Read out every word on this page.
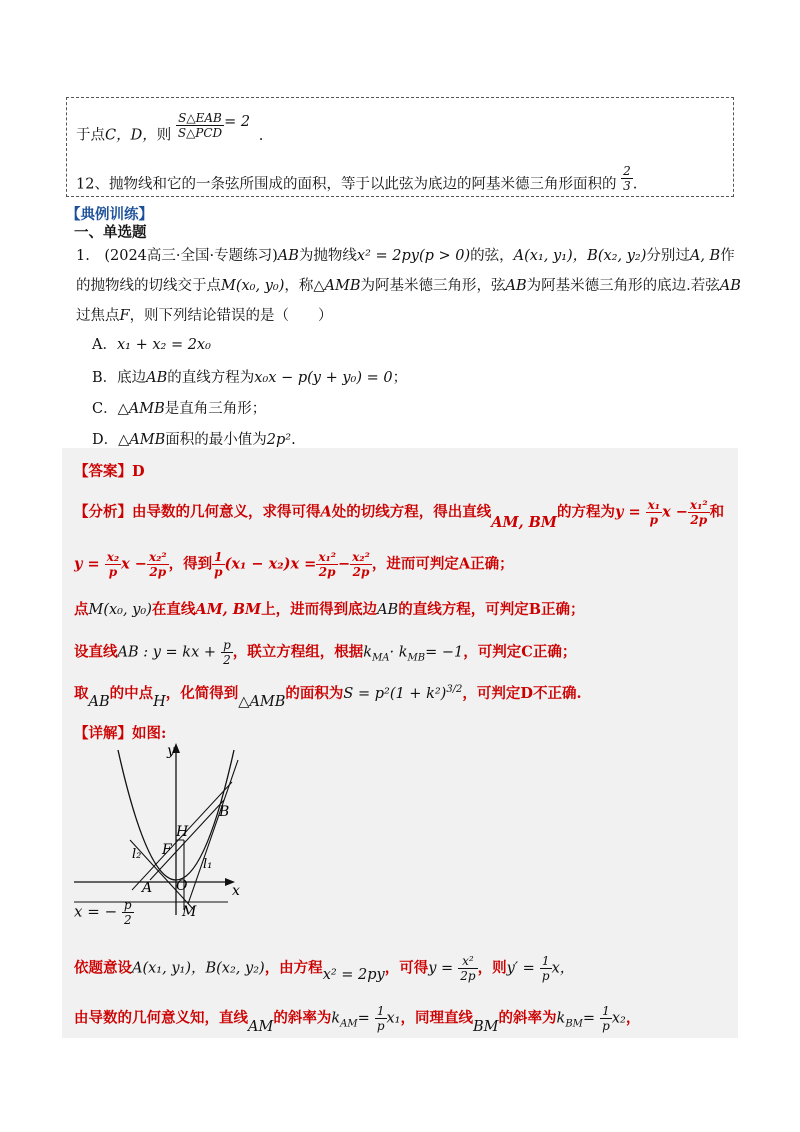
于点C，D，则 $\frac{\text{S△EAB}}{\text{S△PCD}} = 2$ .
12、抛物线和它的一条弦所围成的面积，等于以此弦为底边的阿基米德三角形面积的 $\frac{2}{3}$ .
【典例训练】
一、单选题
1.　(2024高三·全国·专题练习)AB为抛物线x² = 2py(p > 0)的弦，A(x₁, y₁)，B(x₂, y₂)分别过A, B作
的抛物线的切线交于点M(x₀, y₀)，称△AMB为阿基米德三角形，弦AB为阿基米德三角形的底边.若弦AB
过焦点F，则下列结论错误的是（　　）
A．x₁ + x₂ = 2x₀
B．底边AB的直线方程为x₀x − p(y + y₀) = 0；
C．△AMB是直角三角形；
D．△AMB面积的最小值为2p².
【答案】D
【分析】由导数的几何意义，求得可得A处的切线方程，得出直线AM, BM的方程为$y = \frac{\text{x₁}}{p}$ $x - \frac{\text{x₁²}}{2p}$ 和
$y = \frac{\text{x₂}}{p}$ $x - \frac{\text{x₂²}}{2p}$ ，得到 $\frac{1}{p} (x_1 - x_2)x = \frac{\text{x₁²}}{2p} - \frac{\text{x₂²}}{2p}$ ，进而可判定A正确；
点M(x₀, y₀)在直线AM, BM上，进而得到底边AB的直线方程，可判定B正确；
设直线AB : y = kx + $\frac{p}{2}$ ，联立方程组，根据$k_{MA}\cdot k_{MB}= -1$，可判定C正确；
取AB的中点H，化简得到△AMB的面积为$S = p^2(1 + k^2)^{3/2}$，可判定D不正确.
【详解】如图:
y
x
B
H
F
l₂
l₁
A O
M
x = − $\frac{p}{2}$
依题意设A(x₁, y₁)，B(x₂, y₂)，由方程x² = 2py，可得$y = \frac{\text{x²}}{2p}$ ，则$y' = \frac{1}{p}$ x，
由导数的几何意义知，直线AM的斜率为$k_{AM}= \frac{1}{p} x_1$，同理直线BM的斜率为$k_{BM}= \frac{1}{p} x_2$，
